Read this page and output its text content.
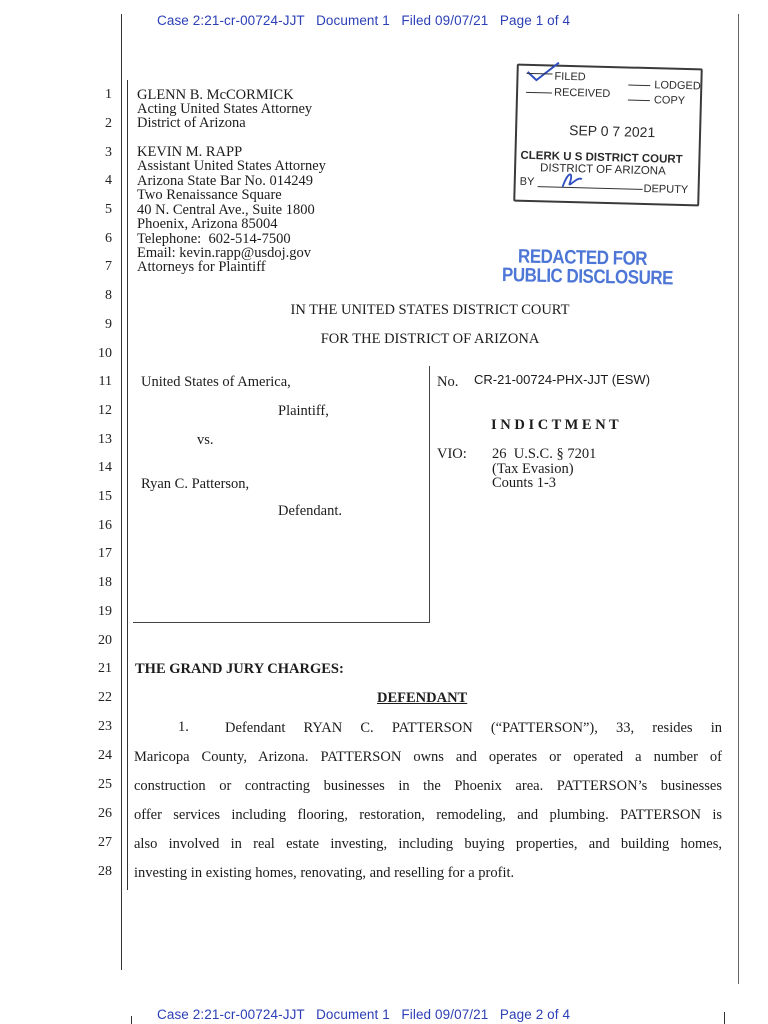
Case 2:21-cr-00724-JJT   Document 1   Filed 09/07/21   Page 1 of 4
1
2
3
4
5
6
7
8
9
10
11
12
13
14
15
16
17
18
19
20
21
22
23
24
25
26
27
28
GLENN B. McCORMICK
Acting United States Attorney
District of Arizona
KEVIN M. RAPP
Assistant United States Attorney
Arizona State Bar No. 014249
Two Renaissance Square
40 N. Central Ave., Suite 1800
Phoenix, Arizona 85004
Telephone:  602-514-7500
Email: kevin.rapp@usdoj.gov
Attorneys for Plaintiff
FILED
LODGED
RECEIVED
COPY
SEP 0 7 2021
CLERK U S DISTRICT COURT
DISTRICT OF ARIZONA
BY
DEPUTY
REDACTED FOR
PUBLIC DISCLOSURE
IN THE UNITED STATES DISTRICT COURT
FOR THE DISTRICT OF ARIZONA
United States of America,
Plaintiff,
vs.
Ryan C. Patterson,
Defendant.
No. CR-21-00724-PHX-JJT (ESW)
I N D I C T M E N T
VIO: 26  U.S.C. § 7201
(Tax Evasion)
Counts 1-3
THE GRAND JURY CHARGES:
DEFENDANT
1. Defendant RYAN C. PATTERSON (“PATTERSON”), 33, resides in
Maricopa County, Arizona. PATTERSON owns and operates or operated a number of
construction or contracting businesses in the Phoenix area. PATTERSON’s businesses
offer services including flooring, restoration, remodeling, and plumbing. PATTERSON is
also involved in real estate investing, including buying properties, and building homes,
investing in existing homes, renovating, and reselling for a profit.
Case 2:21-cr-00724-JJT   Document 1   Filed 09/07/21   Page 2 of 4
